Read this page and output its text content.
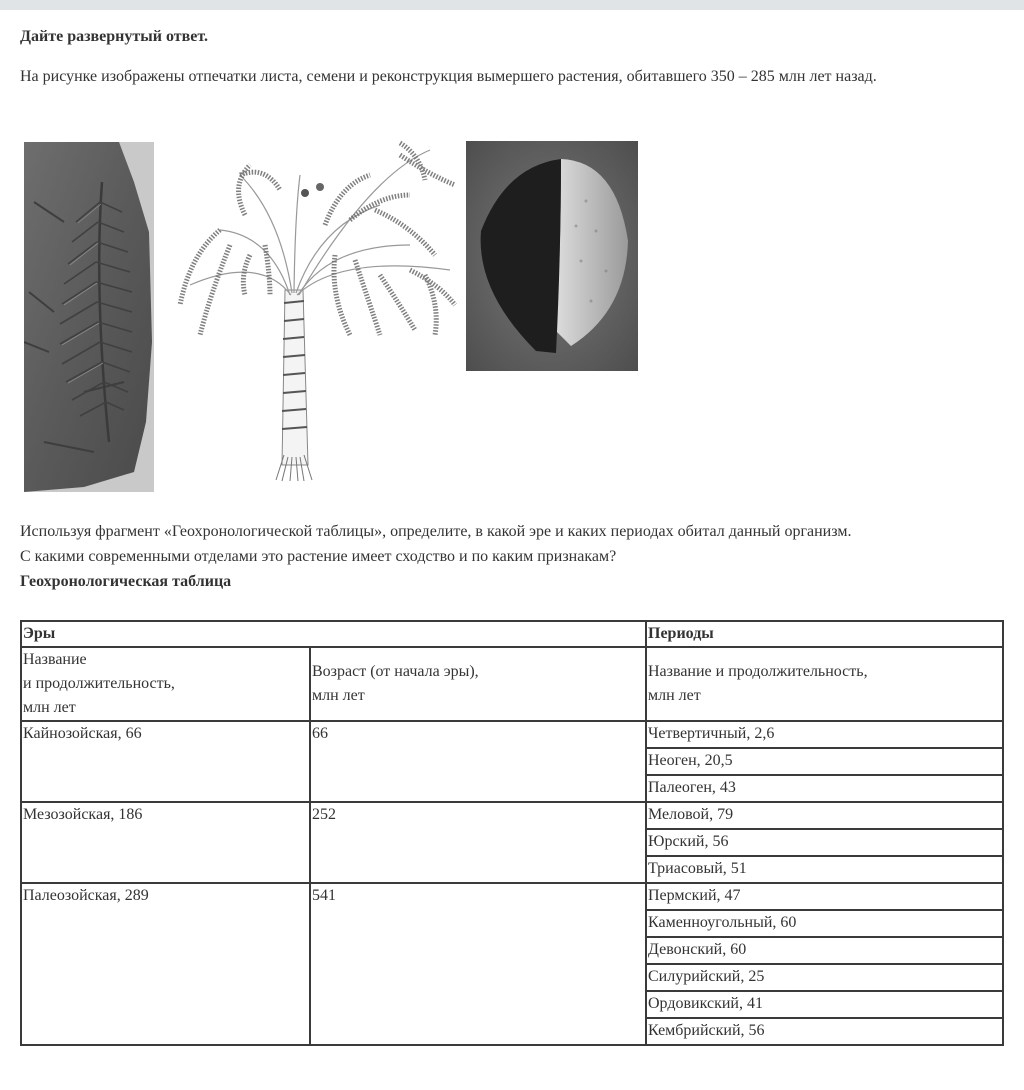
Дайте развернутый ответ.
На рисунке изображены отпечатки листа, семени и реконструкция вымершего растения, обитавшего 350 – 285 млн лет назад.
Используя фрагмент «Геохронологической таблицы», определите, в какой эре и каких периодах обитал данный организм.
С какими современными отделами это растение имеет сходство и по каким признакам?
Геохронологическая таблица
Эры		Периоды

Название
и продолжительность,
млн лет	Возраст (от начала эры),
млн лет	Название и продолжительность,
млн лет

Кайнозойская, 66	66	Четвертичный, 2,6
		Неоген, 20,5
		Палеоген, 43
Мезозойская, 186	252	Меловой, 79
		Юрский, 56
		Триасовый, 51
Палеозойская, 289	541	Пермский, 47
		Каменноугольный, 60
		Девонский, 60
		Силурийский, 25
		Ордовикский, 41
		Кембрийский, 56
